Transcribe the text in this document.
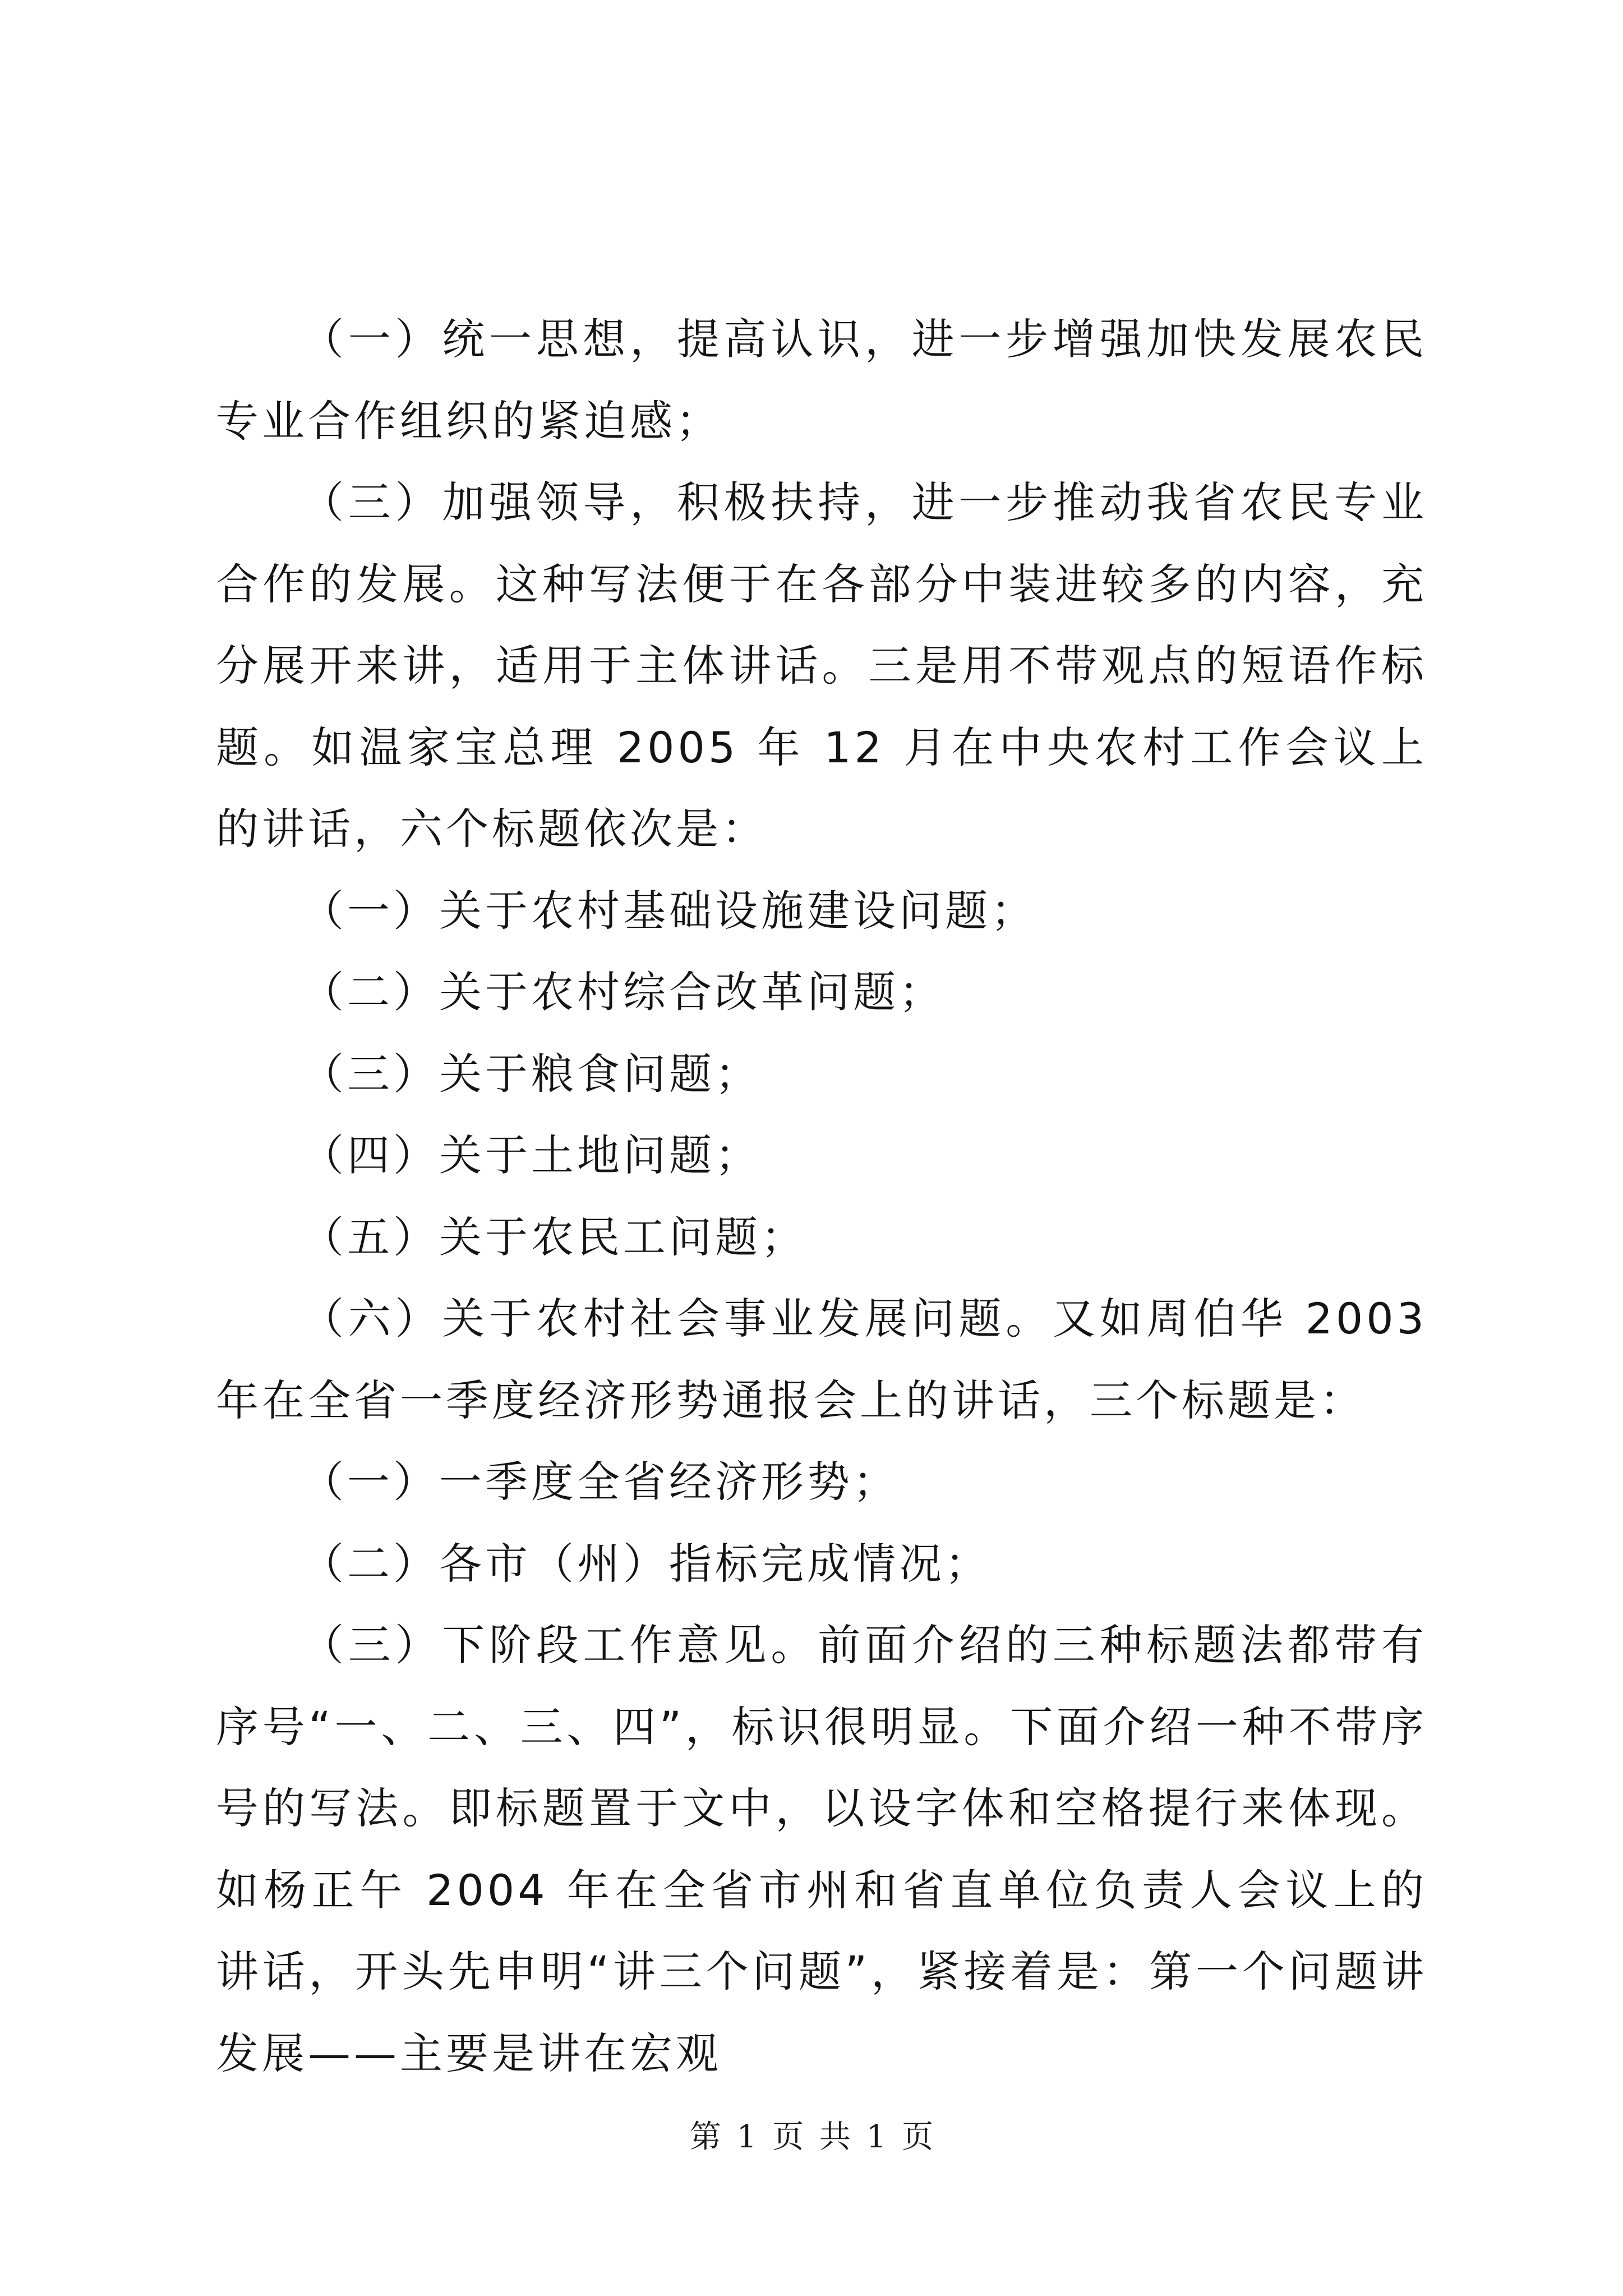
（一）统一思想，提高认识，进一步增强加快发展农民专业合作组织的紧迫感；

（三）加强领导，积极扶持，进一步推动我省农民专业合作的发展。这种写法便于在各部分中装进较多的内容，充分展开来讲，适用于主体讲话。三是用不带观点的短语作标题。如温家宝总理 2005 年 12 月在中央农村工作会议上的讲话，六个标题依次是：

（一）关于农村基础设施建设问题；

（二）关于农村综合改革问题；

（三）关于粮食问题；

（四）关于土地问题；

（五）关于农民工问题；

（六）关于农村社会事业发展问题。又如周伯华 2003 年在全省一季度经济形势通报会上的讲话，三个标题是：

（一）一季度全省经济形势；

（二）各市（州）指标完成情况；

（三）下阶段工作意见。前面介绍的三种标题法都带有序号“一、二、三、四”，标识很明显。下面介绍一种不带序号的写法。即标题置于文中，以设字体和空格提行来体现。如杨正午 2004 年在全省市州和省直单位负责人会议上的讲话，开头先申明“讲三个问题”，紧接着是：第一个问题讲发展——主要是讲在宏观

第 1 页 共 1 页
